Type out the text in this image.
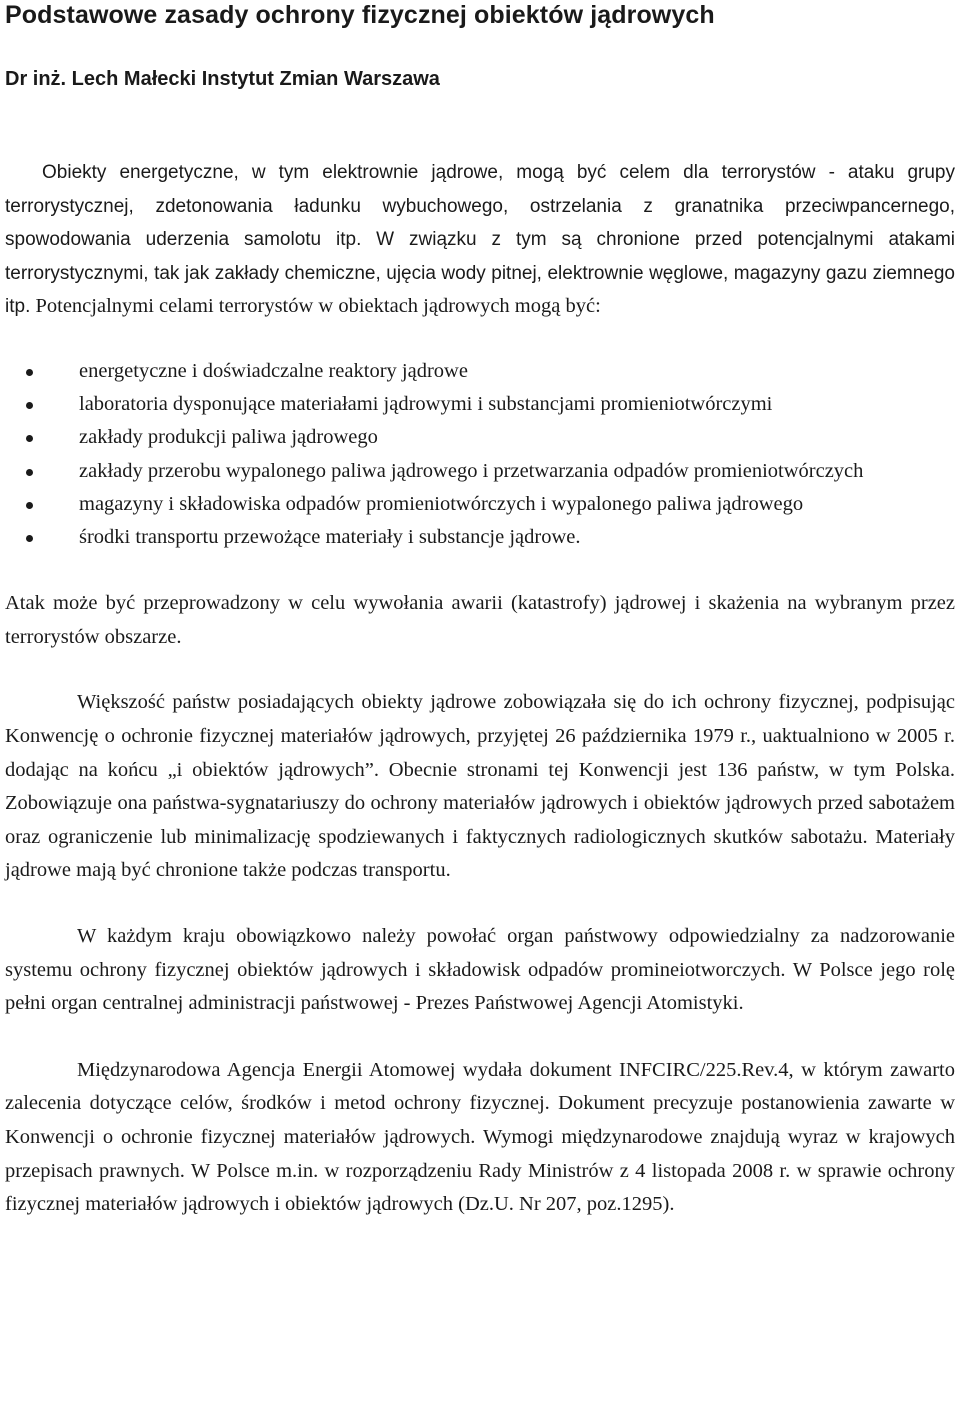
Podstawowe zasady ochrony fizycznej obiektów jądrowych
Dr inż. Lech Małecki Instytut Zmian Warszawa

Obiekty energetyczne, w tym elektrownie jądrowe, mogą być celem dla terrorystów - ataku grupy terrorystycznej, zdetonowania ładunku wybuchowego, ostrzelania z granatnika przeciwpancernego, spowodowania uderzenia samolotu itp. W związku z tym są chronione przed potencjalnymi atakami terrorystycznymi, tak jak zakłady chemiczne, ujęcia wody pitnej, elektrownie węglowe, magazyny gazu ziemnego itp. Potencjalnymi celami terrorystów w obiektach jądrowych mogą być:

energetyczne i doświadczalne reaktory jądrowe
laboratoria dysponujące materiałami jądrowymi i substancjami promieniotwórczymi
zakłady produkcji paliwa jądrowego
zakłady przerobu wypalonego paliwa jądrowego i przetwarzania odpadów promieniotwórczych
magazyny i składowiska odpadów promieniotwórczych i wypalonego paliwa jądrowego
środki transportu przewożące materiały i substancje jądrowe.

Atak może być przeprowadzony w celu wywołania awarii (katastrofy) jądrowej i skażenia na wybranym przez terrorystów obszarze.

Większość państw posiadających obiekty jądrowe zobowiązała się do ich ochrony fizycznej, podpisując Konwencję o ochronie fizycznej materiałów jądrowych, przyjętej 26 października 1979 r., uaktualniono w 2005 r. dodając na końcu „i obiektów jądrowych”. Obecnie stronami tej Konwencji jest 136 państw, w tym Polska. Zobowiązuje ona państwa-sygnatariuszy do ochrony materiałów jądrowych i obiektów jądrowych przed sabotażem oraz ograniczenie lub minimalizację spodziewanych i faktycznych radiologicznych skutków sabotażu. Materiały jądrowe mają być chronione także podczas transportu.

W każdym kraju obowiązkowo należy powołać organ państwowy odpowiedzialny za nadzorowanie systemu ochrony fizycznej obiektów jądrowych i składowisk odpadów promineiotworczych. W Polsce jego rolę pełni organ centralnej administracji państwowej - Prezes Państwowej Agencji Atomistyki.

Międzynarodowa Agencja Energii Atomowej wydała dokument INFCIRC/225.Rev.4, w którym zawarto zalecenia dotyczące celów, środków i metod ochrony fizycznej. Dokument precyzuje postanowienia zawarte w Konwencji o ochronie fizycznej materiałów jądrowych. Wymogi międzynarodowe znajdują wyraz w krajowych przepisach prawnych. W Polsce m.in. w rozporządzeniu Rady Ministrów z 4 listopada 2008 r. w sprawie ochrony fizycznej materiałów jądrowych i obiektów jądrowych (Dz.U. Nr 207, poz.1295).
